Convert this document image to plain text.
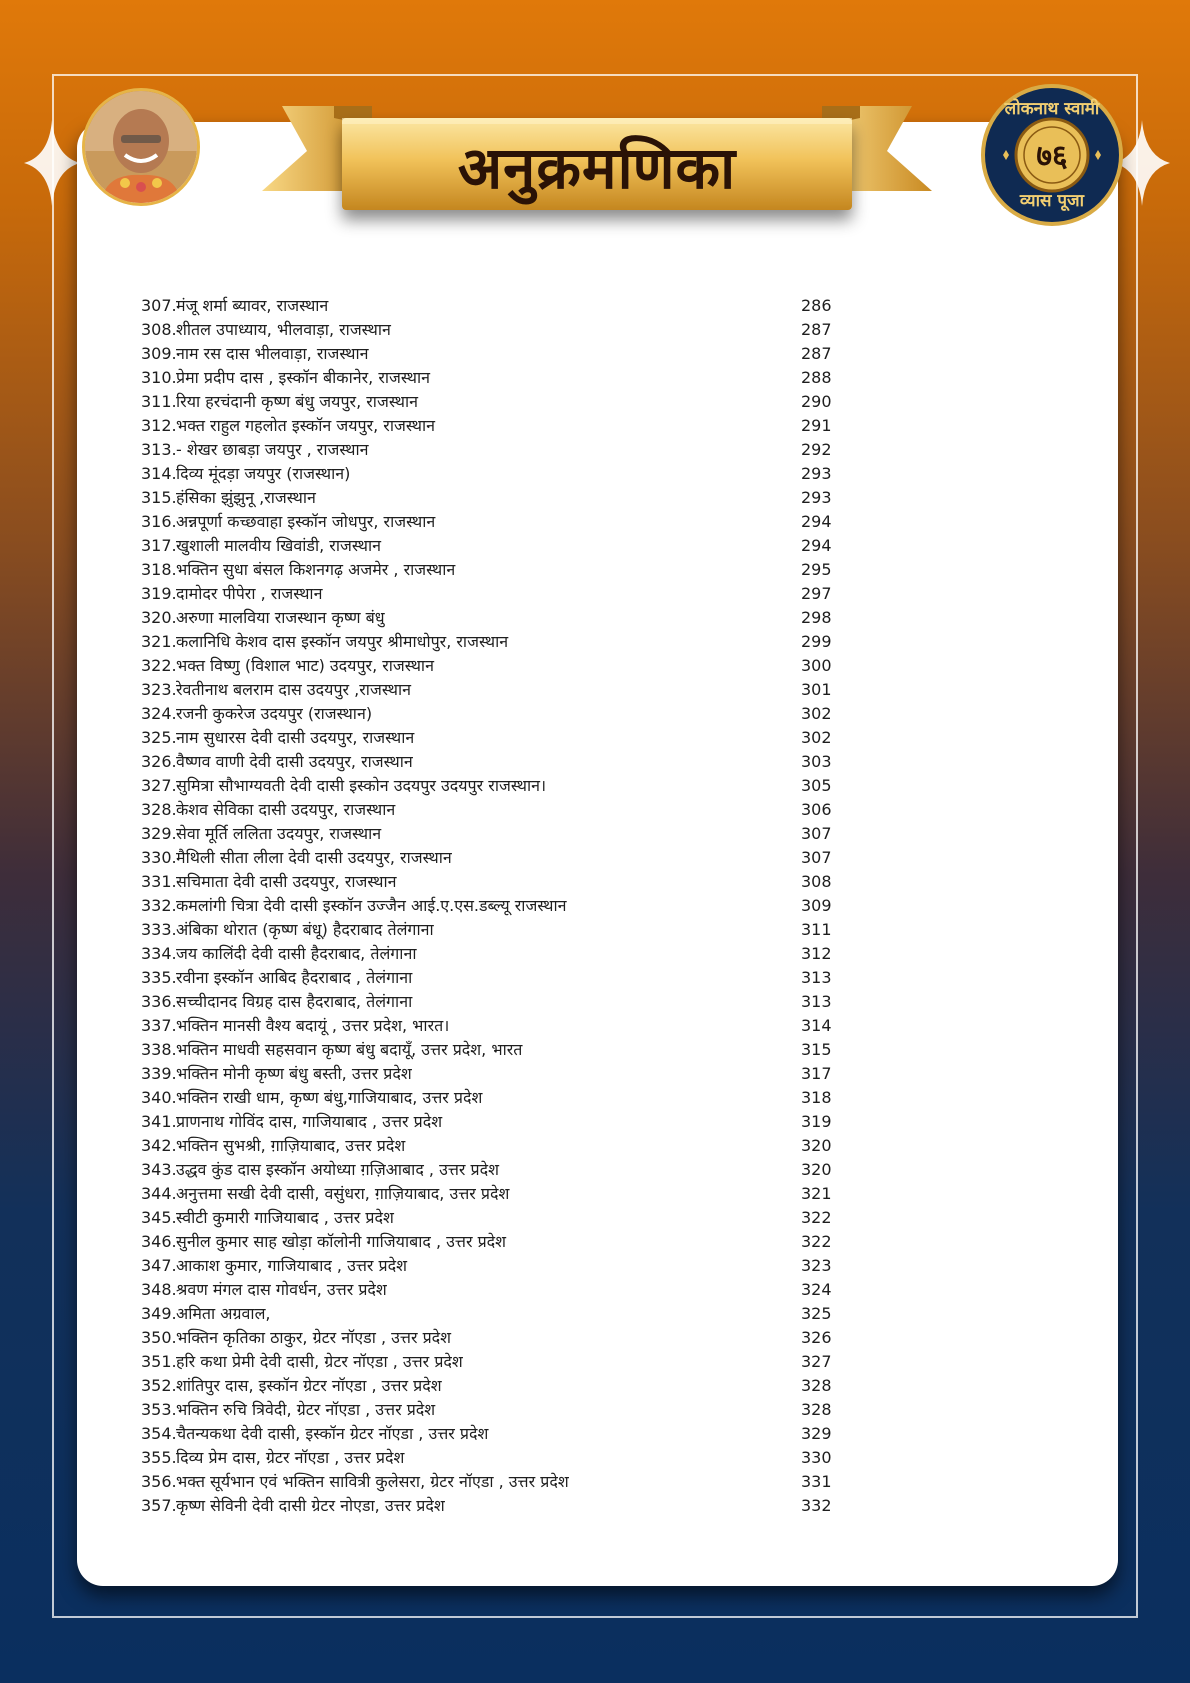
अनुक्रमणिका
लोकनाथ स्वामी
७६
व्यास पूजा
307. मंजू शर्मा ब्यावर, राजस्थान	286
308. शीतल उपाध्याय, भीलवाड़ा, राजस्थान	287
309. नाम रस दास भीलवाड़ा, राजस्थान	287
310. प्रेमा प्रदीप दास , इस्कॉन बीकानेर, राजस्थान	288
311. रिया हरचंदानी कृष्ण बंधु जयपुर, राजस्थान	290
312. भक्त राहुल गहलोत इस्कॉन जयपुर, राजस्थान	291
313. - शेखर छाबड़ा जयपुर , राजस्थान	292
314. दिव्य मूंदड़ा जयपुर (राजस्थान)	293
315. हंसिका झुंझुनू ,राजस्थान	293
316. अन्नपूर्णा कच्छवाहा इस्कॉन जोधपुर, राजस्थान	294
317. खुशाली मालवीय खिवांडी, राजस्थान	294
318. भक्तिन सुधा बंसल किशनगढ़ अजमेर , राजस्थान	295
319. दामोदर पीपेरा , राजस्थान	297
320. अरुणा मालविया राजस्थान कृष्ण बंधु	298
321. कलानिधि केशव दास इस्कॉन जयपुर श्रीमाधोपुर, राजस्थान	299
322. भक्त विष्णु (विशाल भाट) उदयपुर, राजस्थान	300
323. रेवतीनाथ बलराम दास उदयपुर ,राजस्थान	301
324. रजनी कुकरेज उदयपुर (राजस्थान)	302
325. नाम सुधारस देवी दासी उदयपुर, राजस्थान	302
326. वैष्णव वाणी देवी दासी उदयपुर, राजस्थान	303
327. सुमित्रा सौभाग्यवती देवी दासी इस्कोन उदयपुर उदयपुर राजस्थान।	305
328. केशव सेविका दासी उदयपुर, राजस्थान	306
329. सेवा मूर्ति ललिता उदयपुर, राजस्थान	307
330. मैथिली सीता लीला देवी दासी उदयपुर, राजस्थान	307
331. सचिमाता देवी दासी उदयपुर, राजस्थान	308
332. कमलांगी चित्रा देवी दासी इस्कॉन उज्जैन आई.ए.एस.डब्ल्यू राजस्थान	309
333. अंबिका थोरात (कृष्ण बंधू) हैदराबाद तेलंगाना	311
334. जय कालिंदी देवी दासी हैदराबाद, तेलंगाना	312
335. रवीना इस्कॉन आबिद हैदराबाद , तेलंगाना	313
336. सच्चीदानद विग्रह दास हैदराबाद, तेलंगाना	313
337. भक्तिन मानसी वैश्य बदायूं , उत्तर प्रदेश, भारत।	314
338. भक्तिन माधवी सहसवान कृष्ण बंधु बदायूँ, उत्तर प्रदेश, भारत	315
339. भक्तिन मोनी कृष्ण बंधु बस्ती, उत्तर प्रदेश	317
340. भक्तिन राखी धाम, कृष्ण बंधु,गाजियाबाद, उत्तर प्रदेश	318
341. प्राणनाथ गोविंद दास, गाजियाबाद , उत्तर प्रदेश	319
342. भक्तिन सुभश्री, ग़ाज़ियाबाद, उत्तर प्रदेश	320
343. उद्धव कुंड दास इस्कॉन अयोध्या ग़ज़िआबाद , उत्तर प्रदेश	320
344. अनुत्तमा सखी देवी दासी, वसुंधरा, ग़ाज़ियाबाद, उत्तर प्रदेश	321
345. स्वीटी कुमारी गाजियाबाद , उत्तर प्रदेश	322
346. सुनील कुमार साह खोड़ा कॉलोनी गाजियाबाद , उत्तर प्रदेश	322
347. आकाश कुमार, गाजियाबाद , उत्तर प्रदेश	323
348. श्रवण मंगल दास गोवर्धन, उत्तर प्रदेश	324
349. अमिता अग्रवाल,	325
350. भक्तिन कृतिका ठाकुर, ग्रेटर नॉएडा , उत्तर प्रदेश	326
351. हरि कथा प्रेमी देवी दासी, ग्रेटर नॉएडा , उत्तर प्रदेश	327
352. शांतिपुर दास, इस्कॉन ग्रेटर नॉएडा , उत्तर प्रदेश	328
353. भक्तिन रुचि त्रिवेदी, ग्रेटर नॉएडा , उत्तर प्रदेश	328
354. चैतन्यकथा देवी दासी, इस्कॉन ग्रेटर नॉएडा , उत्तर प्रदेश	329
355. दिव्य प्रेम दास, ग्रेटर नॉएडा , उत्तर प्रदेश	330
356. भक्त सूर्यभान एवं भक्तिन सावित्री कुलेसरा, ग्रेटर नॉएडा , उत्तर प्रदेश	331
357. कृष्ण सेविनी देवी दासी ग्रेटर नोएडा, उत्तर प्रदेश	332
